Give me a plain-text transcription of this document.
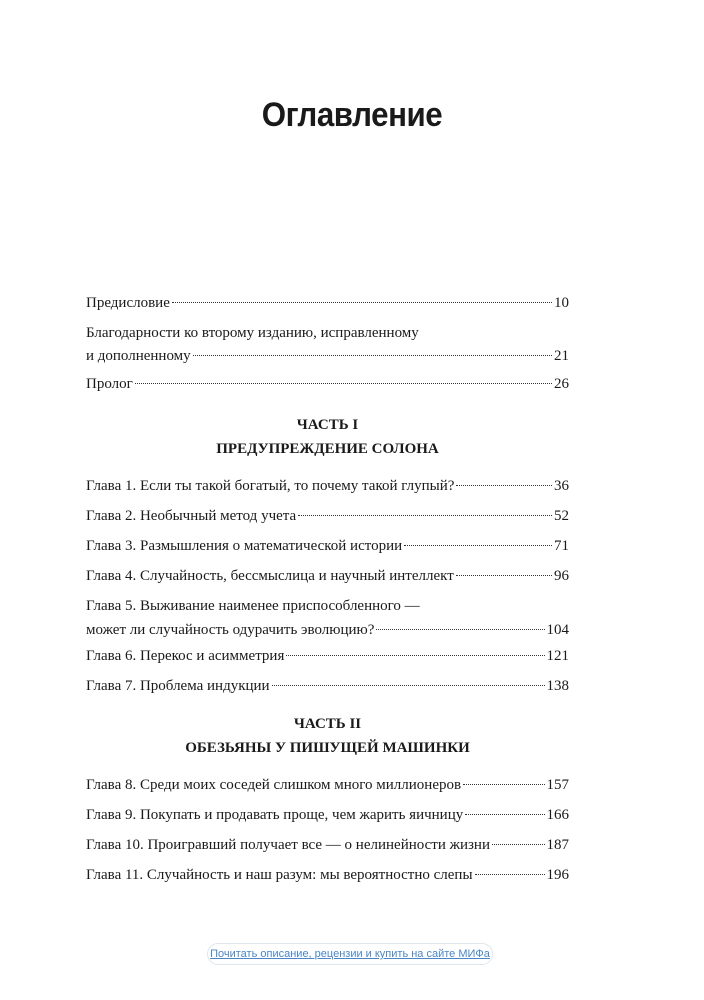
Оглавление
Предисловие	10
Благодарности ко второму изданию, исправленному
и дополненному	21
Пролог	26
ЧАСТЬ I
ПРЕДУПРЕЖДЕНИЕ СОЛОНА
Глава 1. Если ты такой богатый, то почему такой глупый?	36
Глава 2. Необычный метод учета	52
Глава 3. Размышления о математической истории	71
Глава 4. Случайность, бессмыслица и научный интеллект	96
Глава 5. Выживание наименее приспособленного —
может ли случайность одурачить эволюцию?	104
Глава 6. Перекос и асимметрия	121
Глава 7. Проблема индукции	138
ЧАСТЬ II
ОБЕЗЬЯНЫ У ПИШУЩЕЙ МАШИНКИ
Глава 8. Среди моих соседей слишком много миллионеров	157
Глава 9. Покупать и продавать проще, чем жарить яичницу	166
Глава 10. Проигравший получает все — о нелинейности жизни	187
Глава 11. Случайность и наш разум: мы вероятностно слепы	196
Почитать описание, рецензии и купить на сайте МИФа
